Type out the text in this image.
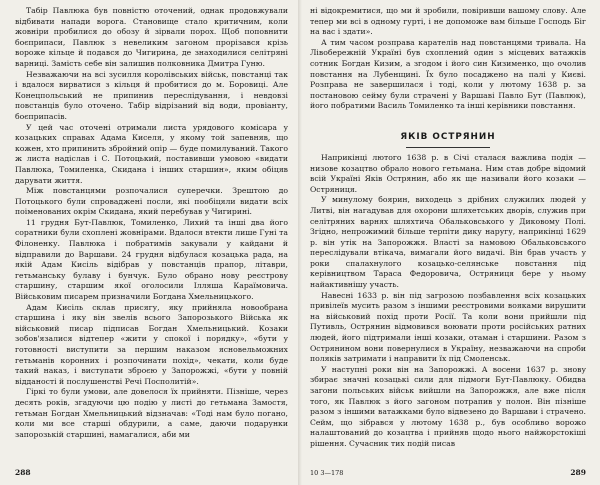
Табір Павлюка був повністю оточений, однак продовжували відбивати напади ворога. Становище стало критичним, коли жовніри пробилися до обозу й зірвали порох. Щоб поповнити боєприпаси, Павлюк з невеликим загоном прорізався крізь вороже кільце й подався до Чигирина, де знаходилися селітряні варниці. Замість себе він залишив полковника Дмитра Гуню.

Незважаючи на всі зусилля королівських військ, повстанці так і вдалося вирватися з кільця й пробитися до м. Боровиці. Але Конецпольський не припинив переслідування, і невдовзі повстанців було оточено. Табір відрізаний від води, провіанту, боєприпасів.

У цей час оточені отримали листа урядового комісара у козацьких справах Адама Киселя, у якому той запевняв, що кожен, хто припинить збройний опір — буде помилуваний. Такого ж листа надіслав і С. Потоцький, поставивши умовою «видати Павлюка, Томиленка, Скидана і інших старшин», яким обіцяв дарувати життя.

Між повстанцями розпочалися суперечки. Зрештою до Потоцького були спроваджені посли, які пообіцяли видати всіх поіменованих окрім Скидана, який перебував у Чигирині.

11 грудня Бут-Павлюк, Томиленко, Лихий та інші два його соратники були схоплені жовнірами. Вдалося втекти лише Гуні та Філоненку. Павлюка і побратимів закували у кайдани й відправили до Варшави. 24 грудня відбулася козацька рада, на якій Адам Кисіль відібрав у повстанців прапор, літаври, гетьманську булаву і бунчук. Було обрано нову реєстрову старшину, старшим якої оголосили Ілляша Караїмовича. Військовим писарем призначили Богдана Хмельницького.

Адам Кисіль склав присягу, яку прийняла новообрана старшина і яку він звелів всього Запорозького Війська як військовий писар підписав Богдан Хмельницький. Козаки зобов'язалися відтепер «жити у спокої і порядку», «бути у готовності виступити за першим наказом ясновельможних гетьманів коронних і розпочинати похід», чекати, коли буде такий наказ, і виступати зброєю у Запорожжі, «бути у повній відданості й послушенстві Речі Посполитій».

Гіркі то були умови, але довелося їх прийняти. Пізніше, через десять років, згадуючи цю подію у листі до гетьмана Замостя, гетьман Богдан Хмельницький відзначав: «Тоді нам було погано, коли ми все старші обдурили, а саме, даючи подарунки запорозькій старшині, намагалися, аби ми

288

ні відокремитися, що ми й зробили, повіривши вашому слову. Але тепер ми всі в одному гурті, і не допоможе вам більше Господь Біг на вас і здати».

А тим часом розправа карателів над повстанцями тривала. На Лівобережній Україні був схоплений один з місцевих ватажків сотник Богдан Кизим, а згодом і його син Кизименко, що очолив повстання на Лубенщині. Їх було посаджено на палі у Києві. Розправа не завершилася і тоді, коли у лютому 1638 р. за постановою сейму були страчені у Варшаві Павло Бут (Павлюк), його побратими Василь Томиленко та інші керівники повстання.

ЯКІВ ОСТРЯНИН

Наприкінці лютого 1638 р. в Січі сталася важлива подія — низове козацтво обрало нового гетьмана. Ним став добре відомий всій Україні Яків Острянин, або як ще називали його козаки — Остряниця.

У минулому боярин, виходець з дрібних служилих людей у Литві, він нагадував для охорони шляхетських дворів, служив при селітряних варнях шляхтича Обальковського у Диковому Полі. Згідно, непрожимий більше терпіти дику наругу, наприкінці 1629 р. він утік на Запорожжя. Власті за намовою Обальковського переслідували втікача, вимагали його видачі. Він брав участь у роки спалахнулого козацько-селянське повстання під керівництвом Тараса Федоровича, Остряниця бере у ньому найактивнішу участь.

Навесні 1633 р. він під загрозою позбавлення всіх козацьких привілеїв мусить разом з іншими реєстровими вояками вирушити на військовий похід проти Росії. Та коли вони прийшли під Путивль, Острянин відмовився воювати проти російських ратних людей, його підтримали інші козаки, отаман і старшини. Разом з Острянином вони повернулися в Україну, незважаючи на спроби поляків затримати і направити їх під Смоленськ.

У наступні роки він на Запорожжі. А восени 1637 р. знову збирає значні козацькі сили для підмоги Бут-Павлюку. Обидва загони польських військ вийшли на Запорожжя, але вже після того, як Павлюк з його загоном потрапив у полон. Він пізніше разом з іншими ватажками було відвезено до Варшави і страчено. Сейм, що зібрався у лютому 1638 р., був особливо ворожо налаштований до козацтва і прийняв щодо нього найжорстокіші рішення. Сучасник тих подій писав

10 3—178	289
